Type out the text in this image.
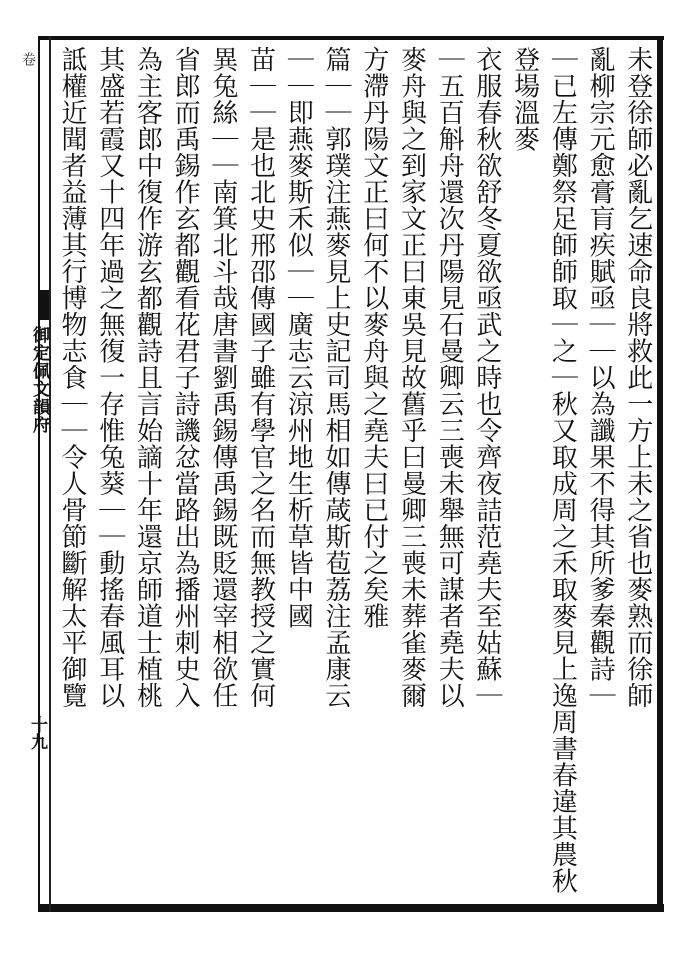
卷
御定佩文韻府
十九
未登徐師必亂乞速命良將救此一方上未之省也麥熟而徐師
亂柳宗元愈膏肓疾賦亟｜｜以為讖果不得其所爹秦觀詩｜
｜已左傳鄭祭足師師取｜之｜秋又取成周之禾取麥見上逸周書春違其農秋
登場溫麥
衣服春秋欲舒冬夏欲亟武之時也令齊夜詰范堯夫至姑蘇｜
｜五百斛舟還次丹陽見石曼卿云三喪未舉無可謀者堯夫以
麥舟與之到家文正曰東吳見故舊乎曰曼卿三喪未葬雀麥爾
方滯丹陽文正曰何不以麥舟與之堯夫曰已付之矣雅
篇｜｜郭璞注燕麥見上史記司馬相如傳葴斯苞荔注孟康云
｜｜即燕麥斯禾似｜｜廣志云涼州地生析草皆中國
苗｜｜是也北史邢邵傳國子雖有學官之名而無教授之實何
異兔絲｜｜南箕北斗哉唐書劉禹錫傳禹錫既貶還宰相欲任
省郎而禹錫作玄都觀看花君子詩譏忿當路出為播州刺史入
為主客郎中復作游玄都觀詩且言始謫十年還京師道士植桃
其盛若霞又十四年過之無復一存惟兔葵｜｜動搖春風耳以
詆權近聞者益薄其行博物志食｜｜令人骨節斷解太平御覽
